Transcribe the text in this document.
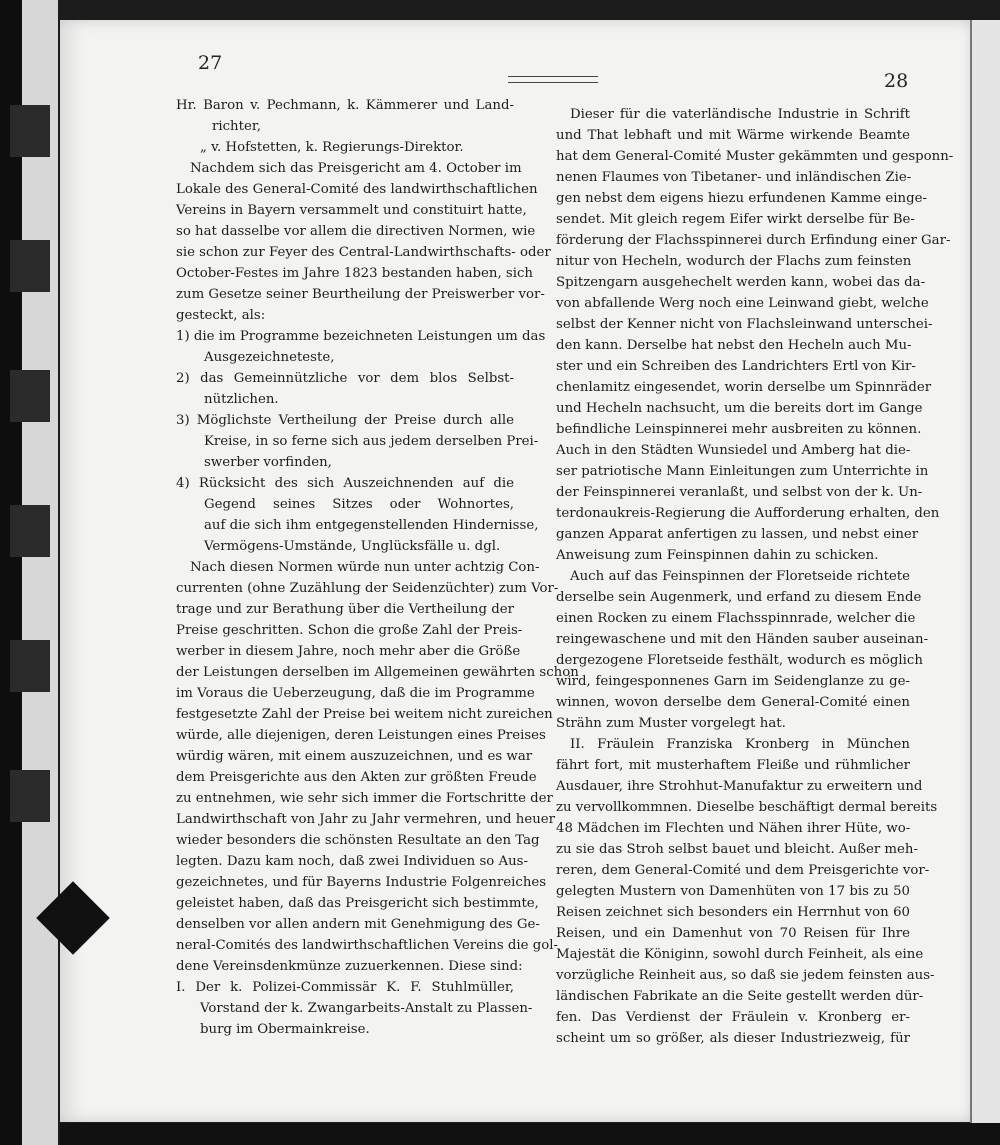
27
28
Hr. Baron v. Pechmann, k. Kämmerer und Land-
richter,
„ v. Hofstetten, k. Regierungs-Direktor.
Nachdem sich das Preisgericht am 4. October im
Lokale des General-Comité des landwirthschaftlichen
Vereins in Bayern versammelt und constituirt hatte,
so hat dasselbe vor allem die directiven Normen, wie
sie schon zur Feyer des Central-Landwirthschafts- oder
October-Festes im Jahre 1823 bestanden haben, sich
zum Gesetze seiner Beurtheilung der Preiswerber vor-
gesteckt, als:
1) die im Programme bezeichneten Leistungen um das
Ausgezeichneteste,
2) das Gemeinnützliche vor dem blos Selbst-
nützlichen.
3) Möglichste Vertheilung der Preise durch alle
Kreise, in so ferne sich aus jedem derselben Prei-
swerber vorfinden,
4) Rücksicht des sich Auszeichnenden auf die
Gegend seines Sitzes oder Wohnortes,
auf die sich ihm entgegenstellenden Hindernisse,
Vermögens-Umstände, Unglücksfälle u. dgl.
Nach diesen Normen würde nun unter achtzig Con-
currenten (ohne Zuzählung der Seidenzüchter) zum Vor-
trage und zur Berathung über die Vertheilung der
Preise geschritten. Schon die große Zahl der Preis-
werber in diesem Jahre, noch mehr aber die Größe
der Leistungen derselben im Allgemeinen gewährten schon
im Voraus die Ueberzeugung, daß die im Programme
festgesetzte Zahl der Preise bei weitem nicht zureichen
würde, alle diejenigen, deren Leistungen eines Preises
würdig wären, mit einem auszuzeichnen, und es war
dem Preisgerichte aus den Akten zur größten Freude
zu entnehmen, wie sehr sich immer die Fortschritte der
Landwirthschaft von Jahr zu Jahr vermehren, und heuer
wieder besonders die schönsten Resultate an den Tag
legten. Dazu kam noch, daß zwei Individuen so Aus-
gezeichnetes, und für Bayerns Industrie Folgenreiches
geleistet haben, daß das Preisgericht sich bestimmte,
denselben vor allen andern mit Genehmigung des Ge-
neral-Comités des landwirthschaftlichen Vereins die gol-
dene Vereinsdenkmünze zuzuerkennen. Diese sind:
I. Der k. Polizei-Commissär K. F. Stuhlmüller,
Vorstand der k. Zwangarbeits-Anstalt zu Plassen-
burg im Obermainkreise.
Dieser für die vaterländische Industrie in Schrift
und That lebhaft und mit Wärme wirkende Beamte
hat dem General-Comité Muster gekämmten und gesponn-
nenen Flaumes von Tibetaner- und inländischen Zie-
gen nebst dem eigens hiezu erfundenen Kamme einge-
sendet. Mit gleich regem Eifer wirkt derselbe für Be-
förderung der Flachsspinnerei durch Erfindung einer Gar-
nitur von Hecheln, wodurch der Flachs zum feinsten
Spitzengarn ausgehechelt werden kann, wobei das da-
von abfallende Werg noch eine Leinwand giebt, welche
selbst der Kenner nicht von Flachsleinwand unterschei-
den kann. Derselbe hat nebst den Hecheln auch Mu-
ster und ein Schreiben des Landrichters Ertl von Kir-
chenlamitz eingesendet, worin derselbe um Spinnräder
und Hecheln nachsucht, um die bereits dort im Gange
befindliche Leinspinnerei mehr ausbreiten zu können.
Auch in den Städten Wunsiedel und Amberg hat die-
ser patriotische Mann Einleitungen zum Unterrichte in
der Feinspinnerei veranlaßt, und selbst von der k. Un-
terdonaukreis-Regierung die Aufforderung erhalten, den
ganzen Apparat anfertigen zu lassen, und nebst einer
Anweisung zum Feinspinnen dahin zu schicken.
Auch auf das Feinspinnen der Floretseide richtete
derselbe sein Augenmerk, und erfand zu diesem Ende
einen Rocken zu einem Flachsspinnrade, welcher die
reingewaschene und mit den Händen sauber auseinan-
dergezogene Floretseide festhält, wodurch es möglich
wird, feingesponnenes Garn im Seidenglanze zu ge-
winnen, wovon derselbe dem General-Comité einen
Strähn zum Muster vorgelegt hat.
II. Fräulein Franziska Kronberg in München
fährt fort, mit musterhaftem Fleiße und rühmlicher
Ausdauer, ihre Strohhut-Manufaktur zu erweitern und
zu vervollkommnen. Dieselbe beschäftigt dermal bereits
48 Mädchen im Flechten und Nähen ihrer Hüte, wo-
zu sie das Stroh selbst bauet und bleicht. Außer meh-
reren, dem General-Comité und dem Preisgerichte vor-
gelegten Mustern von Damenhüten von 17 bis zu 50
Reisen zeichnet sich besonders ein Herrnhut von 60
Reisen, und ein Damenhut von 70 Reisen für Ihre
Majestät die Königinn, sowohl durch Feinheit, als eine
vorzügliche Reinheit aus, so daß sie jedem feinsten aus-
ländischen Fabrikate an die Seite gestellt werden dür-
fen. Das Verdienst der Fräulein v. Kronberg er-
scheint um so größer, als dieser Industriezweig, für
